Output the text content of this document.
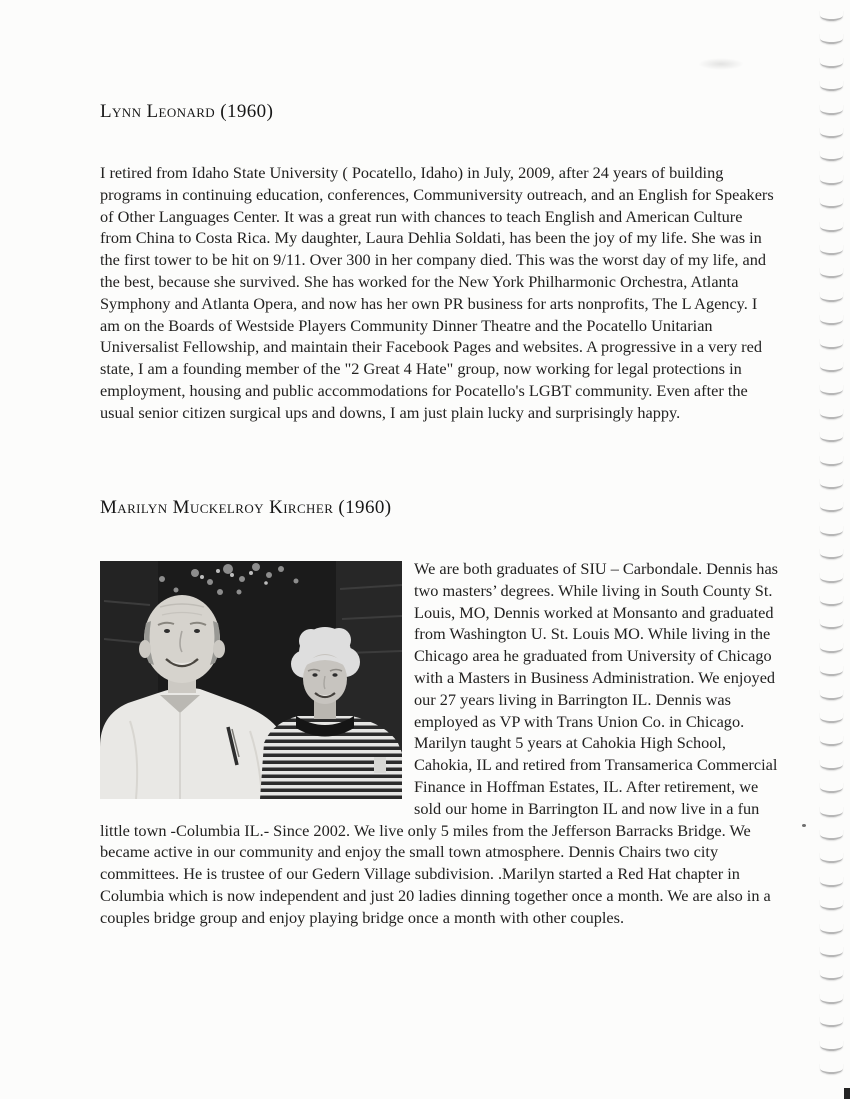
Lynn Leonard (1960)

I retired from Idaho State University ( Pocatello, Idaho) in July, 2009, after 24 years of building programs in continuing education, conferences, Communiversity outreach, and an English for Speakers of Other Languages Center. It was a great run with chances to teach English and American Culture from China to Costa Rica. My daughter, Laura Dehlia Soldati, has been the joy of my life. She was in the first tower to be hit on 9/11. Over 300 in her company died. This was the worst day of my life, and the best, because she survived. She has worked for the New York Philharmonic Orchestra, Atlanta Symphony and Atlanta Opera, and now has her own PR business for arts nonprofits, The L Agency. I am on the Boards of Westside Players Community Dinner Theatre and the Pocatello Unitarian Universalist Fellowship, and maintain their Facebook Pages and websites. A progressive in a very red state, I am a founding member of the "2 Great 4 Hate" group, now working for legal protections in employment, housing and public accommodations for Pocatello's LGBT community. Even after the usual senior citizen surgical ups and downs, I am just plain lucky and surprisingly happy.

Marilyn Muckelroy Kircher (1960)

We are both graduates of SIU – Carbondale. Dennis has two masters’ degrees. While living in South County St. Louis, MO, Dennis worked at Monsanto and graduated from Washington U. St. Louis MO. While living in the Chicago area he graduated from University of Chicago with a Masters in Business Administration. We enjoyed our 27 years living in Barrington IL. Dennis was employed as VP with Trans Union Co. in Chicago. Marilyn taught 5 years at Cahokia High School, Cahokia, IL and retired from Transamerica Commercial Finance in Hoffman Estates, IL. After retirement, we sold our home in Barrington IL and now live in a fun little town -Columbia IL.- Since 2002. We live only 5 miles from the Jefferson Barracks Bridge. We became active in our community and enjoy the small town atmosphere. Dennis Chairs two city committees. He is trustee of our Gedern Village subdivision. .Marilyn started a Red Hat chapter in Columbia which is now independent and just 20 ladies dinning together once a month. We are also in a couples bridge group and enjoy playing bridge once a month with other couples.
